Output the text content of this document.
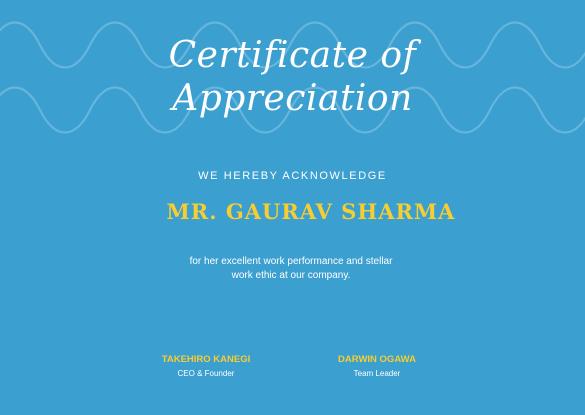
Certificate of
Appreciation
WE HEREBY ACKNOWLEDGE
MR. GAURAV SHARMA
for her excellent work performance and stellar
work ethic at our company.
TAKEHIRO KANEGI
CEO & Founder
DARWIN OGAWA
Team Leader
